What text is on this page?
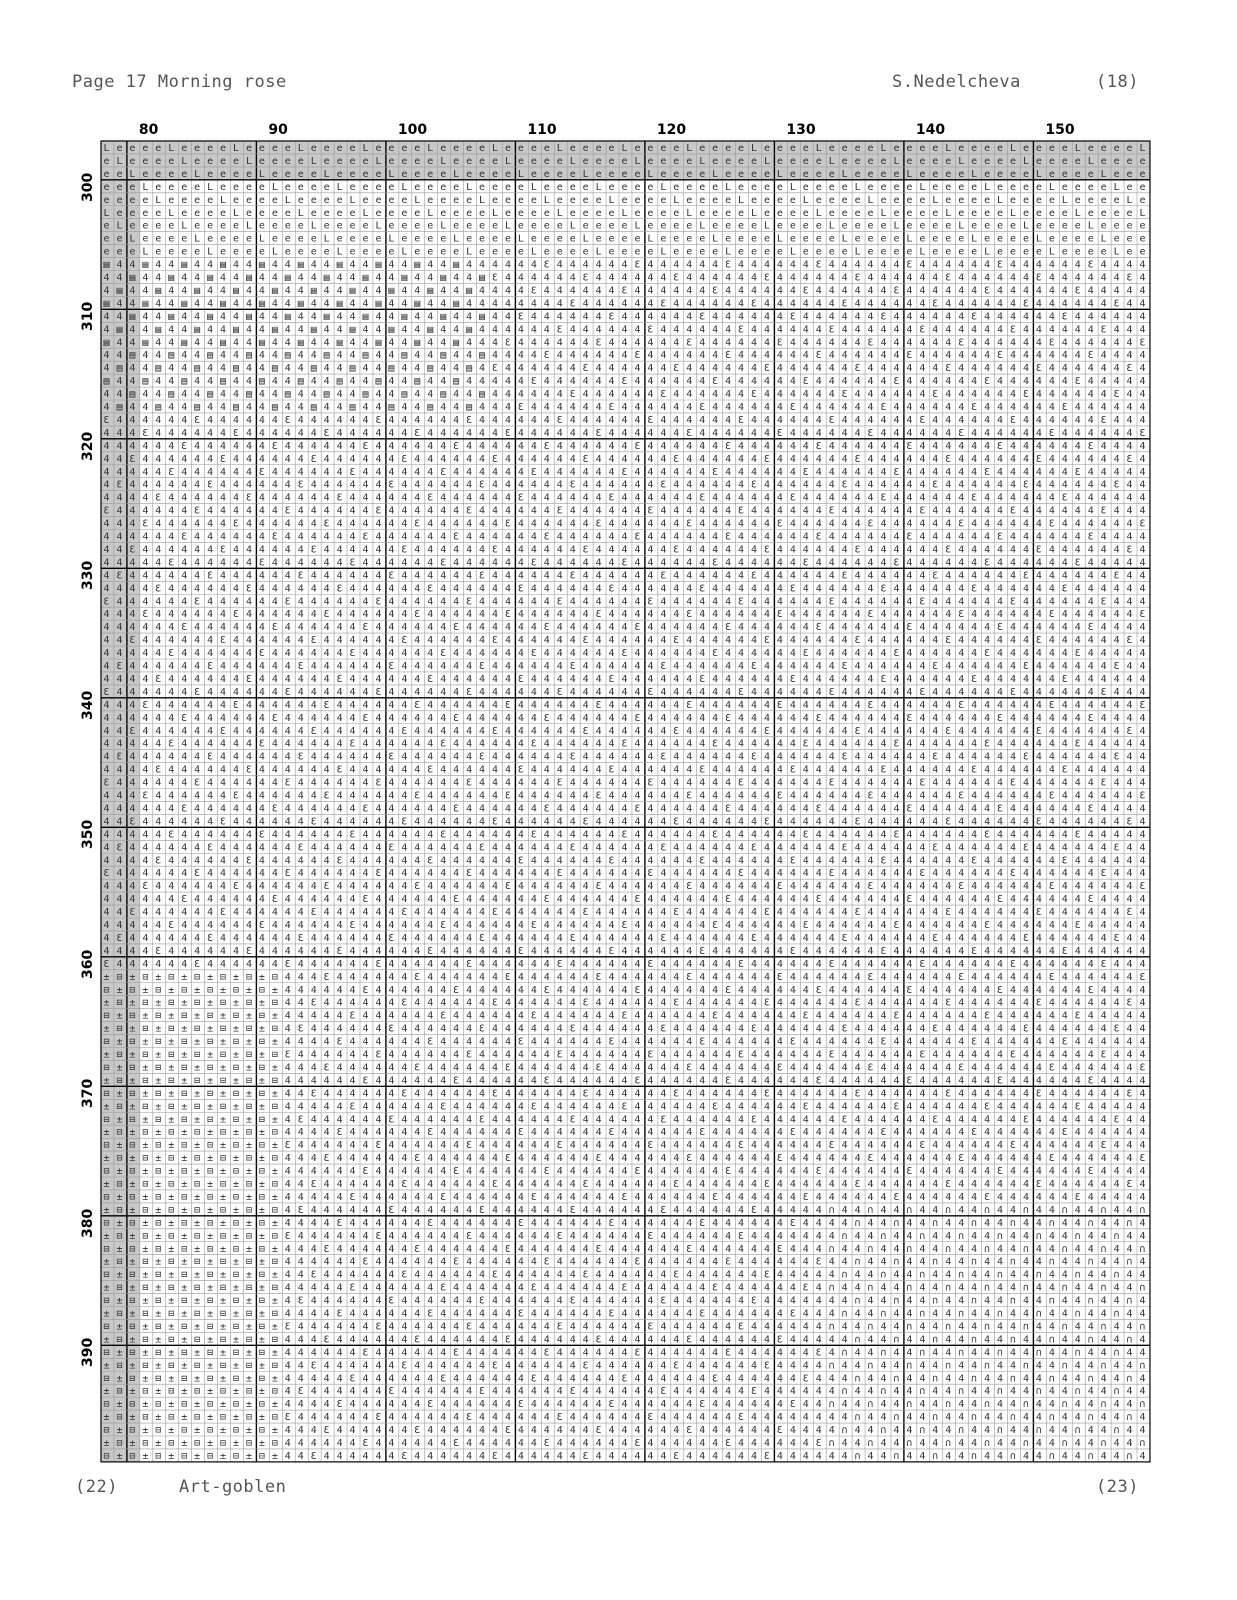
Page 17 Morning rose	S.Nedelcheva	(18)
80	90	100	110	120	130	140	150
300
310
320
330
340
350
360
370
380
390
L e e e e L e e e e L e e e e L e e e e L e e e e L e e e e L e e e e L e e e e L e e e e L e e e e L e e e e L e e e e L e e e e L e e e e L e e e e L e e e e L
e L e e e e L e e e e L e e e e L e e e e L e e e e L e e e e L e e e e L e e e e L e e e e L e e e e L e e e e L e e e e L e e e e L e e e e L e e e e L e e e e
e e L e e e e L e e e e L e e e e L e e e e L e e e e L e e e e L e e e e L e e e e L e e e e L e e e e L e e e e L e e e e L e e e e L e e e e L e e e e L e e e
e e e L e e e e L e e e e L e e e e L e e e e L e e e e L e e e e L e e e e L e e e e L e e e e L e e e e L e e e e L e e e e L e e e e L e e e e L e e e e L e e
e e e e L e e e e L e e e e L e e e e L e e e e L e e e e L e e e e L e e e e L e e e e L e e e e L e e e e L e e e e L e e e e L e e e e L e e e e L e e e e L e
L e e e e L e e e e L e e e e L e e e e L e e e e L e e e e L e e e e L e e e e L e e e e L e e e e L e e e e L e e e e L e e e e L e e e e L e e e e L e e e e L
e L e e e e L e e e e L e e e e L e e e e L e e e e L e e e e L e e e e L e e e e L e e e e L e e e e L e e e e L e e e e L e e e e L e e e e L e e e e L e e e e
e e L e e e e L e e e e L e e e e L e e e e L e e e e L e e e e L e e e e L e e e e L e e e e L e e e e L e e e e L e e e e L e e e e L e e e e L e e e e L e e e
e e e L e e e e L e e e e L e e e e L e e e e L e e e e L e e e e L e e e e L e e e e L e e e e L e e e e L e e e e L e e e e L e e e e L e e e e L e e e e L e e
▤ 4 4 ▤ 4 4 ▤ 4 4 ▤ 4 4 ▤ 4 4 ▤ 4 4 ▤ 4 4 ▤ 4 4 ▤ 4 4 ▤ 4 4 4 4 4 4 Ɛ 4 4 4 4 4 4 Ɛ 4 4 4 4 4 4 Ɛ 4 4 4 4 4 4 Ɛ 4 4 4 4 4 4 Ɛ 4 4 4 4 4 4 Ɛ 4 4 4 4 4 4 Ɛ 4 4 4 4
4 4 ▤ 4 4 ▤ 4 4 ▤ 4 4 ▤ 4 4 ▤ 4 4 ▤ 4 4 ▤ 4 4 ▤ 4 4 ▤ 4 4 ▤ Ɛ 4 4 4 4 4 4 Ɛ 4 4 4 4 4 4 Ɛ 4 4 4 4 4 4 Ɛ 4 4 4 4 4 4 Ɛ 4 4 4 4 4 4 Ɛ 4 4 4 4 4 4 Ɛ 4 4 4 4 4 4 Ɛ 4
4 ▤ 4 4 ▤ 4 4 ▤ 4 4 ▤ 4 4 ▤ 4 4 ▤ 4 4 ▤ 4 4 ▤ 4 4 ▤ 4 4 ▤ 4 4 4 4 Ɛ 4 4 4 4 4 4 Ɛ 4 4 4 4 4 4 Ɛ 4 4 4 4 4 4 Ɛ 4 4 4 4 4 4 Ɛ 4 4 4 4 4 4 Ɛ 4 4 4 4 4 4 Ɛ 4 4 4 4 4
▤ 4 4 ▤ 4 4 ▤ 4 4 ▤ 4 4 ▤ 4 4 ▤ 4 4 ▤ 4 4 ▤ 4 4 ▤ 4 4 ▤ 4 4 4 4 4 4 4 4 Ɛ 4 4 4 4 4 4 Ɛ 4 4 4 4 4 4 Ɛ 4 4 4 4 4 4 Ɛ 4 4 4 4 4 4 Ɛ 4 4 4 4 4 4 Ɛ 4 4 4 4 4 4 Ɛ 4 4
4 4 ▤ 4 4 ▤ 4 4 ▤ 4 4 ▤ 4 4 ▤ 4 4 ▤ 4 4 ▤ 4 4 ▤ 4 4 ▤ 4 4 ▤ 4 4 Ɛ 4 4 4 4 4 4 Ɛ 4 4 4 4 4 4 Ɛ 4 4 4 4 4 4 Ɛ 4 4 4 4 4 4 Ɛ 4 4 4 4 4 4 Ɛ 4 4 4 4 4 4 Ɛ 4 4 4 4 4 4
4 ▤ 4 4 ▤ 4 4 ▤ 4 4 ▤ 4 4 ▤ 4 4 ▤ 4 4 ▤ 4 4 ▤ 4 4 ▤ 4 4 ▤ 4 4 4 4 4 4 Ɛ 4 4 4 4 4 4 Ɛ 4 4 4 4 4 4 Ɛ 4 4 4 4 4 4 Ɛ 4 4 4 4 4 4 Ɛ 4 4 4 4 4 4 Ɛ 4 4 4 4 4 4 Ɛ 4 4 4
▤ 4 4 ▤ 4 4 ▤ 4 4 ▤ 4 4 ▤ 4 4 ▤ 4 4 ▤ 4 4 ▤ 4 4 ▤ 4 4 ▤ 4 4 4 Ɛ 4 4 4 4 4 4 Ɛ 4 4 4 4 4 4 Ɛ 4 4 4 4 4 4 Ɛ 4 4 4 4 4 4 Ɛ 4 4 4 4 4 4 Ɛ 4 4 4 4 4 4 Ɛ 4 4 4 4 4 4 Ɛ
4 4 ▤ 4 4 ▤ 4 4 ▤ 4 4 ▤ 4 4 ▤ 4 4 ▤ 4 4 ▤ 4 4 ▤ 4 4 ▤ 4 4 ▤ 4 4 4 4 Ɛ 4 4 4 4 4 4 Ɛ 4 4 4 4 4 4 Ɛ 4 4 4 4 4 4 Ɛ 4 4 4 4 4 4 Ɛ 4 4 4 4 4 4 Ɛ 4 4 4 4 4 4 Ɛ 4 4 4 4
4 ▤ 4 4 ▤ 4 4 ▤ 4 4 ▤ 4 4 ▤ 4 4 ▤ 4 4 ▤ 4 4 ▤ 4 4 ▤ 4 4 ▤ 4 Ɛ 4 4 4 4 4 4 Ɛ 4 4 4 4 4 4 Ɛ 4 4 4 4 4 4 Ɛ 4 4 4 4 4 4 Ɛ 4 4 4 4 4 4 Ɛ 4 4 4 4 4 4 Ɛ 4 4 4 4 4 4 Ɛ 4
▤ 4 4 ▤ 4 4 ▤ 4 4 ▤ 4 4 ▤ 4 4 ▤ 4 4 ▤ 4 4 ▤ 4 4 ▤ 4 4 ▤ 4 4 4 4 4 Ɛ 4 4 4 4 4 4 Ɛ 4 4 4 4 4 4 Ɛ 4 4 4 4 4 4 Ɛ 4 4 4 4 4 4 Ɛ 4 4 4 4 4 4 Ɛ 4 4 4 4 4 4 Ɛ 4 4 4 4 4
4 4 ▤ 4 4 ▤ 4 4 ▤ 4 4 ▤ 4 4 ▤ 4 4 ▤ 4 4 ▤ 4 4 ▤ 4 4 ▤ 4 4 ▤ 4 4 4 4 4 4 Ɛ 4 4 4 4 4 4 Ɛ 4 4 4 4 4 4 Ɛ 4 4 4 4 4 4 Ɛ 4 4 4 4 4 4 Ɛ 4 4 4 4 4 4 Ɛ 4 4 4 4 4 4 Ɛ 4 4
4 ▤ 4 4 ▤ 4 4 ▤ 4 4 ▤ 4 4 ▤ 4 4 ▤ 4 4 ▤ 4 4 ▤ 4 4 ▤ 4 4 ▤ 4 4 4 Ɛ 4 4 4 4 4 4 Ɛ 4 4 4 4 4 4 Ɛ 4 4 4 4 4 4 Ɛ 4 4 4 4 4 4 Ɛ 4 4 4 4 4 4 Ɛ 4 4 4 4 4 4 Ɛ 4 4 4 4 4 4
Ɛ 4 4 4 4 4 4 Ɛ 4 4 4 4 4 4 Ɛ 4 4 4 4 4 4 Ɛ 4 4 4 4 4 4 Ɛ 4 4 4 4 4 4 Ɛ 4 4 4 4 4 4 Ɛ 4 4 4 4 4 4 Ɛ 4 4 4 4 4 4 Ɛ 4 4 4 4 4 4 Ɛ 4 4 4 4 4 4 Ɛ 4 4 4 4 4 4 Ɛ 4 4 4
4 4 4 Ɛ 4 4 4 4 4 4 Ɛ 4 4 4 4 4 4 Ɛ 4 4 4 4 4 4 Ɛ 4 4 4 4 4 4 Ɛ 4 4 4 4 4 4 Ɛ 4 4 4 4 4 4 Ɛ 4 4 4 4 4 4 Ɛ 4 4 4 4 4 4 Ɛ 4 4 4 4 4 4 Ɛ 4 4 4 4 4 4 Ɛ 4 4 4 4 4 4 Ɛ
4 4 4 4 4 4 Ɛ 4 4 4 4 4 4 Ɛ 4 4 4 4 4 4 Ɛ 4 4 4 4 4 4 Ɛ 4 4 4 4 4 4 Ɛ 4 4 4 4 4 4 Ɛ 4 4 4 4 4 4 Ɛ 4 4 4 4 4 4 Ɛ 4 4 4 4 4 4 Ɛ 4 4 4 4 4 4 Ɛ 4 4 4 4 4 4 Ɛ 4 4 4 4
4 4 Ɛ 4 4 4 4 4 4 Ɛ 4 4 4 4 4 4 Ɛ 4 4 4 4 4 4 Ɛ 4 4 4 4 4 4 Ɛ 4 4 4 4 4 4 Ɛ 4 4 4 4 4 4 Ɛ 4 4 4 4 4 4 Ɛ 4 4 4 4 4 4 Ɛ 4 4 4 4 4 4 Ɛ 4 4 4 4 4 4 Ɛ 4 4 4 4 4 4 Ɛ 4
4 4 4 4 4 Ɛ 4 4 4 4 4 4 Ɛ 4 4 4 4 4 4 Ɛ 4 4 4 4 4 4 Ɛ 4 4 4 4 4 4 Ɛ 4 4 4 4 4 4 Ɛ 4 4 4 4 4 4 Ɛ 4 4 4 4 4 4 Ɛ 4 4 4 4 4 4 Ɛ 4 4 4 4 4 4 Ɛ 4 4 4 4 4 4 Ɛ 4 4 4 4 4
4 Ɛ 4 4 4 4 4 4 Ɛ 4 4 4 4 4 4 Ɛ 4 4 4 4 4 4 Ɛ 4 4 4 4 4 4 Ɛ 4 4 4 4 4 4 Ɛ 4 4 4 4 4 4 Ɛ 4 4 4 4 4 4 Ɛ 4 4 4 4 4 4 Ɛ 4 4 4 4 4 4 Ɛ 4 4 4 4 4 4 Ɛ 4 4 4 4 4 4 Ɛ 4 4
4 4 4 4 Ɛ 4 4 4 4 4 4 Ɛ 4 4 4 4 4 4 Ɛ 4 4 4 4 4 4 Ɛ 4 4 4 4 4 4 Ɛ 4 4 4 4 4 4 Ɛ 4 4 4 4 4 4 Ɛ 4 4 4 4 4 4 Ɛ 4 4 4 4 4 4 Ɛ 4 4 4 4 4 4 Ɛ 4 4 4 4 4 4 Ɛ 4 4 4 4 4 4
Ɛ 4 4 4 4 4 4 Ɛ 4 4 4 4 4 4 Ɛ 4 4 4 4 4 4 Ɛ 4 4 4 4 4 4 Ɛ 4 4 4 4 4 4 Ɛ 4 4 4 4 4 4 Ɛ 4 4 4 4 4 4 Ɛ 4 4 4 4 4 4 Ɛ 4 4 4 4 4 4 Ɛ 4 4 4 4 4 4 Ɛ 4 4 4 4 4 4 Ɛ 4 4 4
4 4 4 Ɛ 4 4 4 4 4 4 Ɛ 4 4 4 4 4 4 Ɛ 4 4 4 4 4 4 Ɛ 4 4 4 4 4 4 Ɛ 4 4 4 4 4 4 Ɛ 4 4 4 4 4 4 Ɛ 4 4 4 4 4 4 Ɛ 4 4 4 4 4 4 Ɛ 4 4 4 4 4 4 Ɛ 4 4 4 4 4 4 Ɛ 4 4 4 4 4 4 Ɛ
4 4 4 4 4 4 Ɛ 4 4 4 4 4 4 Ɛ 4 4 4 4 4 4 Ɛ 4 4 4 4 4 4 Ɛ 4 4 4 4 4 4 Ɛ 4 4 4 4 4 4 Ɛ 4 4 4 4 4 4 Ɛ 4 4 4 4 4 4 Ɛ 4 4 4 4 4 4 Ɛ 4 4 4 4 4 4 Ɛ 4 4 4 4 4 4 Ɛ 4 4 4 4
4 4 Ɛ 4 4 4 4 4 4 Ɛ 4 4 4 4 4 4 Ɛ 4 4 4 4 4 4 Ɛ 4 4 4 4 4 4 Ɛ 4 4 4 4 4 4 Ɛ 4 4 4 4 4 4 Ɛ 4 4 4 4 4 4 Ɛ 4 4 4 4 4 4 Ɛ 4 4 4 4 4 4 Ɛ 4 4 4 4 4 4 Ɛ 4 4 4 4 4 4 Ɛ 4
4 4 4 4 4 Ɛ 4 4 4 4 4 4 Ɛ 4 4 4 4 4 4 Ɛ 4 4 4 4 4 4 Ɛ 4 4 4 4 4 4 Ɛ 4 4 4 4 4 4 Ɛ 4 4 4 4 4 4 Ɛ 4 4 4 4 4 4 Ɛ 4 4 4 4 4 4 Ɛ 4 4 4 4 4 4 Ɛ 4 4 4 4 4 4 Ɛ 4 4 4 4 4
4 Ɛ 4 4 4 4 4 4 Ɛ 4 4 4 4 4 4 Ɛ 4 4 4 4 4 4 Ɛ 4 4 4 4 4 4 Ɛ 4 4 4 4 4 4 Ɛ 4 4 4 4 4 4 Ɛ 4 4 4 4 4 4 Ɛ 4 4 4 4 4 4 Ɛ 4 4 4 4 4 4 Ɛ 4 4 4 4 4 4 Ɛ 4 4 4 4 4 4 Ɛ 4 4
4 4 4 4 Ɛ 4 4 4 4 4 4 Ɛ 4 4 4 4 4 4 Ɛ 4 4 4 4 4 4 Ɛ 4 4 4 4 4 4 Ɛ 4 4 4 4 4 4 Ɛ 4 4 4 4 4 4 Ɛ 4 4 4 4 4 4 Ɛ 4 4 4 4 4 4 Ɛ 4 4 4 4 4 4 Ɛ 4 4 4 4 4 4 Ɛ 4 4 4 4 4 4
Ɛ 4 4 4 4 4 4 Ɛ 4 4 4 4 4 4 Ɛ 4 4 4 4 4 4 Ɛ 4 4 4 4 4 4 Ɛ 4 4 4 4 4 4 Ɛ 4 4 4 4 4 4 Ɛ 4 4 4 4 4 4 Ɛ 4 4 4 4 4 4 Ɛ 4 4 4 4 4 4 Ɛ 4 4 4 4 4 4 Ɛ 4 4 4 4 4 4 Ɛ 4 4 4
4 4 4 Ɛ 4 4 4 4 4 4 Ɛ 4 4 4 4 4 4 Ɛ 4 4 4 4 4 4 Ɛ 4 4 4 4 4 4 Ɛ 4 4 4 4 4 4 Ɛ 4 4 4 4 4 4 Ɛ 4 4 4 4 4 4 Ɛ 4 4 4 4 4 4 Ɛ 4 4 4 4 4 4 Ɛ 4 4 4 4 4 4 Ɛ 4 4 4 4 4 4 Ɛ
4 4 4 4 4 4 Ɛ 4 4 4 4 4 4 Ɛ 4 4 4 4 4 4 Ɛ 4 4 4 4 4 4 Ɛ 4 4 4 4 4 4 Ɛ 4 4 4 4 4 4 Ɛ 4 4 4 4 4 4 Ɛ 4 4 4 4 4 4 Ɛ 4 4 4 4 4 4 Ɛ 4 4 4 4 4 4 Ɛ 4 4 4 4 4 4 Ɛ 4 4 4 4
4 4 Ɛ 4 4 4 4 4 4 Ɛ 4 4 4 4 4 4 Ɛ 4 4 4 4 4 4 Ɛ 4 4 4 4 4 4 Ɛ 4 4 4 4 4 4 Ɛ 4 4 4 4 4 4 Ɛ 4 4 4 4 4 4 Ɛ 4 4 4 4 4 4 Ɛ 4 4 4 4 4 4 Ɛ 4 4 4 4 4 4 Ɛ 4 4 4 4 4 4 Ɛ 4
4 4 4 4 4 Ɛ 4 4 4 4 4 4 Ɛ 4 4 4 4 4 4 Ɛ 4 4 4 4 4 4 Ɛ 4 4 4 4 4 4 Ɛ 4 4 4 4 4 4 Ɛ 4 4 4 4 4 4 Ɛ 4 4 4 4 4 4 Ɛ 4 4 4 4 4 4 Ɛ 4 4 4 4 4 4 Ɛ 4 4 4 4 4 4 Ɛ 4 4 4 4 4
4 Ɛ 4 4 4 4 4 4 Ɛ 4 4 4 4 4 4 Ɛ 4 4 4 4 4 4 Ɛ 4 4 4 4 4 4 Ɛ 4 4 4 4 4 4 Ɛ 4 4 4 4 4 4 Ɛ 4 4 4 4 4 4 Ɛ 4 4 4 4 4 4 Ɛ 4 4 4 4 4 4 Ɛ 4 4 4 4 4 4 Ɛ 4 4 4 4 4 4 Ɛ 4 4
4 4 4 4 Ɛ 4 4 4 4 4 4 Ɛ 4 4 4 4 4 4 Ɛ 4 4 4 4 4 4 Ɛ 4 4 4 4 4 4 Ɛ 4 4 4 4 4 4 Ɛ 4 4 4 4 4 4 Ɛ 4 4 4 4 4 4 Ɛ 4 4 4 4 4 4 Ɛ 4 4 4 4 4 4 Ɛ 4 4 4 4 4 4 Ɛ 4 4 4 4 4 4
Ɛ 4 4 4 4 4 4 Ɛ 4 4 4 4 4 4 Ɛ 4 4 4 4 4 4 Ɛ 4 4 4 4 4 4 Ɛ 4 4 4 4 4 4 Ɛ 4 4 4 4 4 4 Ɛ 4 4 4 4 4 4 Ɛ 4 4 4 4 4 4 Ɛ 4 4 4 4 4 4 Ɛ 4 4 4 4 4 4 Ɛ 4 4 4 4 4 4 Ɛ 4 4 4
4 4 4 Ɛ 4 4 4 4 4 4 Ɛ 4 4 4 4 4 4 Ɛ 4 4 4 4 4 4 Ɛ 4 4 4 4 4 4 Ɛ 4 4 4 4 4 4 Ɛ 4 4 4 4 4 4 Ɛ 4 4 4 4 4 4 Ɛ 4 4 4 4 4 4 Ɛ 4 4 4 4 4 4 Ɛ 4 4 4 4 4 4 Ɛ 4 4 4 4 4 4 Ɛ
4 4 4 4 4 4 Ɛ 4 4 4 4 4 4 Ɛ 4 4 4 4 4 4 Ɛ 4 4 4 4 4 4 Ɛ 4 4 4 4 4 4 Ɛ 4 4 4 4 4 4 Ɛ 4 4 4 4 4 4 Ɛ 4 4 4 4 4 4 Ɛ 4 4 4 4 4 4 Ɛ 4 4 4 4 4 4 Ɛ 4 4 4 4 4 4 Ɛ 4 4 4 4
4 4 Ɛ 4 4 4 4 4 4 Ɛ 4 4 4 4 4 4 Ɛ 4 4 4 4 4 4 Ɛ 4 4 4 4 4 4 Ɛ 4 4 4 4 4 4 Ɛ 4 4 4 4 4 4 Ɛ 4 4 4 4 4 4 Ɛ 4 4 4 4 4 4 Ɛ 4 4 4 4 4 4 Ɛ 4 4 4 4 4 4 Ɛ 4 4 4 4 4 4 Ɛ 4
4 4 4 4 4 Ɛ 4 4 4 4 4 4 Ɛ 4 4 4 4 4 4 Ɛ 4 4 4 4 4 4 Ɛ 4 4 4 4 4 4 Ɛ 4 4 4 4 4 4 Ɛ 4 4 4 4 4 4 Ɛ 4 4 4 4 4 4 Ɛ 4 4 4 4 4 4 Ɛ 4 4 4 4 4 4 Ɛ 4 4 4 4 4 4 Ɛ 4 4 4 4 4
4 Ɛ 4 4 4 4 4 4 Ɛ 4 4 4 4 4 4 Ɛ 4 4 4 4 4 4 Ɛ 4 4 4 4 4 4 Ɛ 4 4 4 4 4 4 Ɛ 4 4 4 4 4 4 Ɛ 4 4 4 4 4 4 Ɛ 4 4 4 4 4 4 Ɛ 4 4 4 4 4 4 Ɛ 4 4 4 4 4 4 Ɛ 4 4 4 4 4 4 Ɛ 4 4
4 4 4 4 Ɛ 4 4 4 4 4 4 Ɛ 4 4 4 4 4 4 Ɛ 4 4 4 4 4 4 Ɛ 4 4 4 4 4 4 Ɛ 4 4 4 4 4 4 Ɛ 4 4 4 4 4 4 Ɛ 4 4 4 4 4 4 Ɛ 4 4 4 4 4 4 Ɛ 4 4 4 4 4 4 Ɛ 4 4 4 4 4 4 Ɛ 4 4 4 4 4 4
Ɛ 4 4 4 4 4 4 Ɛ 4 4 4 4 4 4 Ɛ 4 4 4 4 4 4 Ɛ 4 4 4 4 4 4 Ɛ 4 4 4 4 4 4 Ɛ 4 4 4 4 4 4 Ɛ 4 4 4 4 4 4 Ɛ 4 4 4 4 4 4 Ɛ 4 4 4 4 4 4 Ɛ 4 4 4 4 4 4 Ɛ 4 4 4 4 4 4 Ɛ 4 4 4
4 4 4 Ɛ 4 4 4 4 4 4 Ɛ 4 4 4 4 4 4 Ɛ 4 4 4 4 4 4 Ɛ 4 4 4 4 4 4 Ɛ 4 4 4 4 4 4 Ɛ 4 4 4 4 4 4 Ɛ 4 4 4 4 4 4 Ɛ 4 4 4 4 4 4 Ɛ 4 4 4 4 4 4 Ɛ 4 4 4 4 4 4 Ɛ 4 4 4 4 4 4 Ɛ
4 4 4 4 4 4 Ɛ 4 4 4 4 4 4 Ɛ 4 4 4 4 4 4 Ɛ 4 4 4 4 4 4 Ɛ 4 4 4 4 4 4 Ɛ 4 4 4 4 4 4 Ɛ 4 4 4 4 4 4 Ɛ 4 4 4 4 4 4 Ɛ 4 4 4 4 4 4 Ɛ 4 4 4 4 4 4 Ɛ 4 4 4 4 4 4 Ɛ 4 4 4 4
4 4 Ɛ 4 4 4 4 4 4 Ɛ 4 4 4 4 4 4 Ɛ 4 4 4 4 4 4 Ɛ 4 4 4 4 4 4 Ɛ 4 4 4 4 4 4 Ɛ 4 4 4 4 4 4 Ɛ 4 4 4 4 4 4 Ɛ 4 4 4 4 4 4 Ɛ 4 4 4 4 4 4 Ɛ 4 4 4 4 4 4 Ɛ 4 4 4 4 4 4 Ɛ 4
4 4 4 4 4 Ɛ 4 4 4 4 4 4 Ɛ 4 4 4 4 4 4 Ɛ 4 4 4 4 4 4 Ɛ 4 4 4 4 4 4 Ɛ 4 4 4 4 4 4 Ɛ 4 4 4 4 4 4 Ɛ 4 4 4 4 4 4 Ɛ 4 4 4 4 4 4 Ɛ 4 4 4 4 4 4 Ɛ 4 4 4 4 4 4 Ɛ 4 4 4 4 4
4 Ɛ 4 4 4 4 4 4 Ɛ 4 4 4 4 4 4 Ɛ 4 4 4 4 4 4 Ɛ 4 4 4 4 4 4 Ɛ 4 4 4 4 4 4 Ɛ 4 4 4 4 4 4 Ɛ 4 4 4 4 4 4 Ɛ 4 4 4 4 4 4 Ɛ 4 4 4 4 4 4 Ɛ 4 4 4 4 4 4 Ɛ 4 4 4 4 4 4 Ɛ 4 4
4 4 4 4 Ɛ 4 4 4 4 4 4 Ɛ 4 4 4 4 4 4 Ɛ 4 4 4 4 4 4 Ɛ 4 4 4 4 4 4 Ɛ 4 4 4 4 4 4 Ɛ 4 4 4 4 4 4 Ɛ 4 4 4 4 4 4 Ɛ 4 4 4 4 4 4 Ɛ 4 4 4 4 4 4 Ɛ 4 4 4 4 4 4 Ɛ 4 4 4 4 4 4
Ɛ 4 4 4 4 4 4 Ɛ 4 4 4 4 4 4 Ɛ 4 4 4 4 4 4 Ɛ 4 4 4 4 4 4 Ɛ 4 4 4 4 4 4 Ɛ 4 4 4 4 4 4 Ɛ 4 4 4 4 4 4 Ɛ 4 4 4 4 4 4 Ɛ 4 4 4 4 4 4 Ɛ 4 4 4 4 4 4 Ɛ 4 4 4 4 4 4 Ɛ 4 4 4
4 4 4 Ɛ 4 4 4 4 4 4 Ɛ 4 4 4 4 4 4 Ɛ 4 4 4 4 4 4 Ɛ 4 4 4 4 4 4 Ɛ 4 4 4 4 4 4 Ɛ 4 4 4 4 4 4 Ɛ 4 4 4 4 4 4 Ɛ 4 4 4 4 4 4 Ɛ 4 4 4 4 4 4 Ɛ 4 4 4 4 4 4 Ɛ 4 4 4 4 4 4 Ɛ
4 4 4 4 4 4 Ɛ 4 4 4 4 4 4 Ɛ 4 4 4 4 4 4 Ɛ 4 4 4 4 4 4 Ɛ 4 4 4 4 4 4 Ɛ 4 4 4 4 4 4 Ɛ 4 4 4 4 4 4 Ɛ 4 4 4 4 4 4 Ɛ 4 4 4 4 4 4 Ɛ 4 4 4 4 4 4 Ɛ 4 4 4 4 4 4 Ɛ 4 4 4 4
4 4 Ɛ 4 4 4 4 4 4 Ɛ 4 4 4 4 4 4 Ɛ 4 4 4 4 4 4 Ɛ 4 4 4 4 4 4 Ɛ 4 4 4 4 4 4 Ɛ 4 4 4 4 4 4 Ɛ 4 4 4 4 4 4 Ɛ 4 4 4 4 4 4 Ɛ 4 4 4 4 4 4 Ɛ 4 4 4 4 4 4 Ɛ 4 4 4 4 4 4 Ɛ 4
4 4 4 4 4 Ɛ 4 4 4 4 4 4 Ɛ 4 4 4 4 4 4 Ɛ 4 4 4 4 4 4 Ɛ 4 4 4 4 4 4 Ɛ 4 4 4 4 4 4 Ɛ 4 4 4 4 4 4 Ɛ 4 4 4 4 4 4 Ɛ 4 4 4 4 4 4 Ɛ 4 4 4 4 4 4 Ɛ 4 4 4 4 4 4 Ɛ 4 4 4 4 4
4 Ɛ 4 4 4 4 4 4 Ɛ 4 4 4 4 4 4 Ɛ 4 4 4 4 4 4 Ɛ 4 4 4 4 4 4 Ɛ 4 4 4 4 4 4 Ɛ 4 4 4 4 4 4 Ɛ 4 4 4 4 4 4 Ɛ 4 4 4 4 4 4 Ɛ 4 4 4 4 4 4 Ɛ 4 4 4 4 4 4 Ɛ 4 4 4 4 4 4 Ɛ 4 4
4 4 4 4 Ɛ 4 4 4 4 4 4 Ɛ 4 4 4 4 4 4 Ɛ 4 4 4 4 4 4 Ɛ 4 4 4 4 4 4 Ɛ 4 4 4 4 4 4 Ɛ 4 4 4 4 4 4 Ɛ 4 4 4 4 4 4 Ɛ 4 4 4 4 4 4 Ɛ 4 4 4 4 4 4 Ɛ 4 4 4 4 4 4 Ɛ 4 4 4 4 4 4
Ɛ 4 4 4 4 4 4 Ɛ 4 4 4 4 4 4 Ɛ 4 4 4 4 4 4 Ɛ 4 4 4 4 4 4 Ɛ 4 4 4 4 4 4 Ɛ 4 4 4 4 4 4 Ɛ 4 4 4 4 4 4 Ɛ 4 4 4 4 4 4 Ɛ 4 4 4 4 4 4 Ɛ 4 4 4 4 4 4 Ɛ 4 4 4 4 4 4 Ɛ 4 4 4
± ⊟ ± ⊟ ± ⊟ ± ⊟ ± ⊟ ± ⊟ ± ⊟ 4 4 4 Ɛ 4 4 4 4 4 4 Ɛ 4 4 4 4 4 4 Ɛ 4 4 4 4 4 4 Ɛ 4 4 4 4 4 4 Ɛ 4 4 4 4 4 4 Ɛ 4 4 4 4 4 4 Ɛ 4 4 4 4 4 4 Ɛ 4 4 4 4 4 4 Ɛ 4 4 4 4 4 4 Ɛ
⊟ ± ⊟ ± ⊟ ± ⊟ ± ⊟ ± ⊟ ± ⊟ ± 4 4 4 4 4 4 Ɛ 4 4 4 4 4 4 Ɛ 4 4 4 4 4 4 Ɛ 4 4 4 4 4 4 Ɛ 4 4 4 4 4 4 Ɛ 4 4 4 4 4 4 Ɛ 4 4 4 4 4 4 Ɛ 4 4 4 4 4 4 Ɛ 4 4 4 4 4 4 Ɛ 4 4 4 4
± ⊟ ± ⊟ ± ⊟ ± ⊟ ± ⊟ ± ⊟ ± ⊟ 4 4 Ɛ 4 4 4 4 4 4 Ɛ 4 4 4 4 4 4 Ɛ 4 4 4 4 4 4 Ɛ 4 4 4 4 4 4 Ɛ 4 4 4 4 4 4 Ɛ 4 4 4 4 4 4 Ɛ 4 4 4 4 4 4 Ɛ 4 4 4 4 4 4 Ɛ 4 4 4 4 4 4 Ɛ 4
⊟ ± ⊟ ± ⊟ ± ⊟ ± ⊟ ± ⊟ ± ⊟ ± 4 4 4 4 4 Ɛ 4 4 4 4 4 4 Ɛ 4 4 4 4 4 4 Ɛ 4 4 4 4 4 4 Ɛ 4 4 4 4 4 4 Ɛ 4 4 4 4 4 4 Ɛ 4 4 4 4 4 4 Ɛ 4 4 4 4 4 4 Ɛ 4 4 4 4 4 4 Ɛ 4 4 4 4 4
± ⊟ ± ⊟ ± ⊟ ± ⊟ ± ⊟ ± ⊟ ± ⊟ 4 Ɛ 4 4 4 4 4 4 Ɛ 4 4 4 4 4 4 Ɛ 4 4 4 4 4 4 Ɛ 4 4 4 4 4 4 Ɛ 4 4 4 4 4 4 Ɛ 4 4 4 4 4 4 Ɛ 4 4 4 4 4 4 Ɛ 4 4 4 4 4 4 Ɛ 4 4 4 4 4 4 Ɛ 4 4
⊟ ± ⊟ ± ⊟ ± ⊟ ± ⊟ ± ⊟ ± ⊟ ± 4 4 4 4 Ɛ 4 4 4 4 4 4 Ɛ 4 4 4 4 4 4 Ɛ 4 4 4 4 4 4 Ɛ 4 4 4 4 4 4 Ɛ 4 4 4 4 4 4 Ɛ 4 4 4 4 4 4 Ɛ 4 4 4 4 4 4 Ɛ 4 4 4 4 4 4 Ɛ 4 4 4 4 4 4
± ⊟ ± ⊟ ± ⊟ ± ⊟ ± ⊟ ± ⊟ ± ⊟ Ɛ 4 4 4 4 4 4 Ɛ 4 4 4 4 4 4 Ɛ 4 4 4 4 4 4 Ɛ 4 4 4 4 4 4 Ɛ 4 4 4 4 4 4 Ɛ 4 4 4 4 4 4 Ɛ 4 4 4 4 4 4 Ɛ 4 4 4 4 4 4 Ɛ 4 4 4 4 4 4 Ɛ 4 4 4
⊟ ± ⊟ ± ⊟ ± ⊟ ± ⊟ ± ⊟ ± ⊟ ± 4 4 4 Ɛ 4 4 4 4 4 4 Ɛ 4 4 4 4 4 4 Ɛ 4 4 4 4 4 4 Ɛ 4 4 4 4 4 4 Ɛ 4 4 4 4 4 4 Ɛ 4 4 4 4 4 4 Ɛ 4 4 4 4 4 4 Ɛ 4 4 4 4 4 4 Ɛ 4 4 4 4 4 4 Ɛ
± ⊟ ± ⊟ ± ⊟ ± ⊟ ± ⊟ ± ⊟ ± ⊟ 4 4 4 4 4 4 Ɛ 4 4 4 4 4 4 Ɛ 4 4 4 4 4 4 Ɛ 4 4 4 4 4 4 Ɛ 4 4 4 4 4 4 Ɛ 4 4 4 4 4 4 Ɛ 4 4 4 4 4 4 Ɛ 4 4 4 4 4 4 Ɛ 4 4 4 4 4 4 Ɛ 4 4 4 4
⊟ ± ⊟ ± ⊟ ± ⊟ ± ⊟ ± ⊟ ± ⊟ ± 4 4 Ɛ 4 4 4 4 4 4 Ɛ 4 4 4 4 4 4 Ɛ 4 4 4 4 4 4 Ɛ 4 4 4 4 4 4 Ɛ 4 4 4 4 4 4 Ɛ 4 4 4 4 4 4 Ɛ 4 4 4 4 4 4 Ɛ 4 4 4 4 4 4 Ɛ 4 4 4 4 4 4 Ɛ 4
± ⊟ ± ⊟ ± ⊟ ± ⊟ ± ⊟ ± ⊟ ± ⊟ 4 4 4 4 4 Ɛ 4 4 4 4 4 4 Ɛ 4 4 4 4 4 4 Ɛ 4 4 4 4 4 4 Ɛ 4 4 4 4 4 4 Ɛ 4 4 4 4 4 4 Ɛ 4 4 4 4 4 4 Ɛ 4 4 4 4 4 4 Ɛ 4 4 4 4 4 4 Ɛ 4 4 4 4 4
⊟ ± ⊟ ± ⊟ ± ⊟ ± ⊟ ± ⊟ ± ⊟ ± 4 Ɛ 4 4 4 4 4 4 Ɛ 4 4 4 4 4 4 Ɛ 4 4 4 4 4 4 Ɛ 4 4 4 4 4 4 Ɛ 4 4 4 4 4 4 Ɛ 4 4 4 4 4 4 Ɛ 4 4 4 4 4 4 Ɛ 4 4 4 4 4 4 Ɛ 4 4 4 4 4 4 Ɛ 4 4
± ⊟ ± ⊟ ± ⊟ ± ⊟ ± ⊟ ± ⊟ ± ⊟ 4 4 4 4 Ɛ 4 4 4 4 4 4 Ɛ 4 4 4 4 4 4 Ɛ 4 4 4 4 4 4 Ɛ 4 4 4 4 4 4 Ɛ 4 4 4 4 4 4 Ɛ 4 4 4 4 4 4 Ɛ 4 4 4 4 4 4 Ɛ 4 4 4 4 4 4 Ɛ 4 4 4 4 4 4
⊟ ± ⊟ ± ⊟ ± ⊟ ± ⊟ ± ⊟ ± ⊟ ± Ɛ 4 4 4 4 4 4 Ɛ 4 4 4 4 4 4 Ɛ 4 4 4 4 4 4 Ɛ 4 4 4 4 4 4 Ɛ 4 4 4 4 4 4 Ɛ 4 4 4 4 4 4 Ɛ 4 4 4 4 4 4 Ɛ 4 4 4 4 4 4 Ɛ 4 4 4 4 4 4 Ɛ 4 4 4
± ⊟ ± ⊟ ± ⊟ ± ⊟ ± ⊟ ± ⊟ ± ⊟ 4 4 4 Ɛ 4 4 4 4 4 4 Ɛ 4 4 4 4 4 4 Ɛ 4 4 4 4 4 4 Ɛ 4 4 4 4 4 4 Ɛ 4 4 4 4 4 4 Ɛ 4 4 4 4 4 4 Ɛ 4 4 4 4 4 4 Ɛ 4 4 4 4 4 4 Ɛ 4 4 4 4 4 4 Ɛ
⊟ ± ⊟ ± ⊟ ± ⊟ ± ⊟ ± ⊟ ± ⊟ ± 4 4 4 4 4 4 Ɛ 4 4 4 4 4 4 Ɛ 4 4 4 4 4 4 Ɛ 4 4 4 4 4 4 Ɛ 4 4 4 4 4 4 Ɛ 4 4 4 4 4 4 Ɛ 4 4 4 4 4 4 Ɛ 4 4 4 4 4 4 Ɛ 4 4 4 4 4 4 Ɛ 4 4 4 4
± ⊟ ± ⊟ ± ⊟ ± ⊟ ± ⊟ ± ⊟ ± ⊟ 4 4 Ɛ 4 4 4 4 4 4 Ɛ 4 4 4 4 4 4 Ɛ 4 4 4 4 4 4 Ɛ 4 4 4 4 4 4 Ɛ 4 4 4 4 4 4 Ɛ 4 4 4 4 4 4 Ɛ 4 4 4 4 4 4 Ɛ 4 4 4 4 4 4 Ɛ 4 4 4 4 4 4 Ɛ 4
⊟ ± ⊟ ± ⊟ ± ⊟ ± ⊟ ± ⊟ ± ⊟ ± 4 4 4 4 4 Ɛ 4 4 4 4 4 4 Ɛ 4 4 4 4 4 4 Ɛ 4 4 4 4 4 4 Ɛ 4 4 4 4 4 4 Ɛ 4 4 4 4 4 4 Ɛ 4 4 4 4 4 4 Ɛ 4 4 4 4 4 4 Ɛ 4 4 4 4 4 4 Ɛ 4 4 4 4 4
± ⊟ ± ⊟ ± ⊟ ± ⊟ ± ⊟ ± ⊟ ± ⊟ 4 Ɛ 4 4 4 4 4 4 Ɛ 4 4 4 4 4 4 Ɛ 4 4 4 4 4 4 Ɛ 4 4 4 4 4 4 Ɛ 4 4 4 4 4 4 Ɛ 4 4 4 4 4 ∩ 4 4 ∩ 4 4 ∩ 4 4 ∩ 4 4 ∩ 4 4 ∩ 4 4 ∩ 4 4 ∩ 4 4 ∩
⊟ ± ⊟ ± ⊟ ± ⊟ ± ⊟ ± ⊟ ± ⊟ ± 4 4 4 4 Ɛ 4 4 4 4 4 4 Ɛ 4 4 4 4 4 4 Ɛ 4 4 4 4 4 4 Ɛ 4 4 4 4 4 4 Ɛ 4 4 4 4 4 4 Ɛ 4 4 4 4 ∩ 4 4 ∩ 4 4 ∩ 4 4 ∩ 4 4 ∩ 4 4 ∩ 4 4 ∩ 4 4 ∩ 4
± ⊟ ± ⊟ ± ⊟ ± ⊟ ± ⊟ ± ⊟ ± ⊟ Ɛ 4 4 4 4 4 4 Ɛ 4 4 4 4 4 4 Ɛ 4 4 4 4 4 4 Ɛ 4 4 4 4 4 4 Ɛ 4 4 4 4 4 4 Ɛ 4 4 4 4 4 4 4 ∩ 4 4 ∩ 4 4 ∩ 4 4 ∩ 4 4 ∩ 4 4 ∩ 4 4 ∩ 4 4 ∩ 4 4
⊟ ± ⊟ ± ⊟ ± ⊟ ± ⊟ ± ⊟ ± ⊟ ± 4 4 4 Ɛ 4 4 4 4 4 4 Ɛ 4 4 4 4 4 4 Ɛ 4 4 4 4 4 4 Ɛ 4 4 4 4 4 4 Ɛ 4 4 4 4 4 4 Ɛ 4 4 4 ∩ 4 4 ∩ 4 4 ∩ 4 4 ∩ 4 4 ∩ 4 4 ∩ 4 4 ∩ 4 4 ∩ 4 4 ∩
± ⊟ ± ⊟ ± ⊟ ± ⊟ ± ⊟ ± ⊟ ± ⊟ 4 4 4 4 4 4 Ɛ 4 4 4 4 4 4 Ɛ 4 4 4 4 4 4 Ɛ 4 4 4 4 4 4 Ɛ 4 4 4 4 4 4 Ɛ 4 4 4 4 4 4 Ɛ 4 4 ∩ 4 4 ∩ 4 4 ∩ 4 4 ∩ 4 4 ∩ 4 4 ∩ 4 4 ∩ 4 4 ∩ 4
⊟ ± ⊟ ± ⊟ ± ⊟ ± ⊟ ± ⊟ ± ⊟ ± 4 4 Ɛ 4 4 4 4 4 4 Ɛ 4 4 4 4 4 4 Ɛ 4 4 4 4 4 4 Ɛ 4 4 4 4 4 4 Ɛ 4 4 4 4 4 4 Ɛ 4 4 4 4 4 ∩ 4 4 ∩ 4 4 ∩ 4 4 ∩ 4 4 ∩ 4 4 ∩ 4 4 ∩ 4 4 ∩ 4 4
± ⊟ ± ⊟ ± ⊟ ± ⊟ ± ⊟ ± ⊟ ± ⊟ 4 4 4 4 4 Ɛ 4 4 4 4 4 4 Ɛ 4 4 4 4 4 4 Ɛ 4 4 4 4 4 4 Ɛ 4 4 4 4 4 4 Ɛ 4 4 4 4 4 4 Ɛ 4 ∩ 4 4 ∩ 4 4 ∩ 4 4 ∩ 4 4 ∩ 4 4 ∩ 4 4 ∩ 4 4 ∩ 4 4 ∩
⊟ ± ⊟ ± ⊟ ± ⊟ ± ⊟ ± ⊟ ± ⊟ ± 4 Ɛ 4 4 4 4 4 4 Ɛ 4 4 4 4 4 4 Ɛ 4 4 4 4 4 4 Ɛ 4 4 4 4 4 4 Ɛ 4 4 4 4 4 4 Ɛ 4 4 4 4 4 4 4 ∩ 4 4 ∩ 4 4 ∩ 4 4 ∩ 4 4 ∩ 4 4 ∩ 4 4 ∩ 4 4 ∩ 4
± ⊟ ± ⊟ ± ⊟ ± ⊟ ± ⊟ ± ⊟ ± ⊟ 4 4 4 4 Ɛ 4 4 4 4 4 4 Ɛ 4 4 4 4 4 4 Ɛ 4 4 4 4 4 4 Ɛ 4 4 4 4 4 4 Ɛ 4 4 4 4 4 4 Ɛ 4 4 4 ∩ 4 4 ∩ 4 4 ∩ 4 4 ∩ 4 4 ∩ 4 4 ∩ 4 4 ∩ 4 4 ∩ 4 4
⊟ ± ⊟ ± ⊟ ± ⊟ ± ⊟ ± ⊟ ± ⊟ ± Ɛ 4 4 4 4 4 4 Ɛ 4 4 4 4 4 4 Ɛ 4 4 4 4 4 4 Ɛ 4 4 4 4 4 4 Ɛ 4 4 4 4 4 4 Ɛ 4 4 4 4 4 4 ∩ 4 4 ∩ 4 4 ∩ 4 4 ∩ 4 4 ∩ 4 4 ∩ 4 4 ∩ 4 4 ∩ 4 4 ∩
± ⊟ ± ⊟ ± ⊟ ± ⊟ ± ⊟ ± ⊟ ± ⊟ 4 4 4 Ɛ 4 4 4 4 4 4 Ɛ 4 4 4 4 4 4 Ɛ 4 4 4 4 4 4 Ɛ 4 4 4 4 4 4 Ɛ 4 4 4 4 4 4 Ɛ 4 4 4 4 4 ∩ 4 4 ∩ 4 4 ∩ 4 4 ∩ 4 4 ∩ 4 4 ∩ 4 4 ∩ 4 4 ∩ 4
⊟ ± ⊟ ± ⊟ ± ⊟ ± ⊟ ± ⊟ ± ⊟ ± 4 4 4 4 4 4 Ɛ 4 4 4 4 4 4 Ɛ 4 4 4 4 4 4 Ɛ 4 4 4 4 4 4 Ɛ 4 4 4 4 4 4 Ɛ 4 4 4 4 4 4 Ɛ 4 ∩ 4 4 ∩ 4 4 ∩ 4 4 ∩ 4 4 ∩ 4 4 ∩ 4 4 ∩ 4 4 ∩ 4 4
± ⊟ ± ⊟ ± ⊟ ± ⊟ ± ⊟ ± ⊟ ± ⊟ 4 4 Ɛ 4 4 4 4 4 4 Ɛ 4 4 4 4 4 4 Ɛ 4 4 4 4 4 4 Ɛ 4 4 4 4 4 4 Ɛ 4 4 4 4 4 4 Ɛ 4 4 4 4 ∩ 4 4 ∩ 4 4 ∩ 4 4 ∩ 4 4 ∩ 4 4 ∩ 4 4 ∩ 4 4 ∩ 4 4 ∩
⊟ ± ⊟ ± ⊟ ± ⊟ ± ⊟ ± ⊟ ± ⊟ ± 4 4 4 4 4 Ɛ 4 4 4 4 4 4 Ɛ 4 4 4 4 4 4 Ɛ 4 4 4 4 4 4 Ɛ 4 4 4 4 4 4 Ɛ 4 4 4 4 4 4 Ɛ 4 4 4 ∩ 4 4 ∩ 4 4 ∩ 4 4 ∩ 4 4 ∩ 4 4 ∩ 4 4 ∩ 4 4 ∩ 4
± ⊟ ± ⊟ ± ⊟ ± ⊟ ± ⊟ ± ⊟ ± ⊟ 4 Ɛ 4 4 4 4 4 4 Ɛ 4 4 4 4 4 4 Ɛ 4 4 4 4 4 4 Ɛ 4 4 4 4 4 4 Ɛ 4 4 4 4 4 4 Ɛ 4 4 4 4 4 4 ∩ 4 4 ∩ 4 4 ∩ 4 4 ∩ 4 4 ∩ 4 4 ∩ 4 4 ∩ 4 4 ∩ 4 4
⊟ ± ⊟ ± ⊟ ± ⊟ ± ⊟ ± ⊟ ± ⊟ ± 4 4 4 4 Ɛ 4 4 4 4 4 4 Ɛ 4 4 4 4 4 4 Ɛ 4 4 4 4 4 4 Ɛ 4 4 4 4 4 4 Ɛ 4 4 4 4 4 4 Ɛ 4 4 ∩ 4 4 ∩ 4 4 ∩ 4 4 ∩ 4 4 ∩ 4 4 ∩ 4 4 ∩ 4 4 ∩ 4 4 ∩
± ⊟ ± ⊟ ± ⊟ ± ⊟ ± ⊟ ± ⊟ ± ⊟ Ɛ 4 4 4 4 4 4 Ɛ 4 4 4 4 4 4 Ɛ 4 4 4 4 4 4 Ɛ 4 4 4 4 4 4 Ɛ 4 4 4 4 4 4 Ɛ 4 4 4 4 4 4 4 4 ∩ 4 4 ∩ 4 4 ∩ 4 4 ∩ 4 4 ∩ 4 4 ∩ 4 4 ∩ 4 4 ∩ 4
⊟ ± ⊟ ± ⊟ ± ⊟ ± ⊟ ± ⊟ ± ⊟ ± 4 4 4 Ɛ 4 4 4 4 4 4 Ɛ 4 4 4 4 4 4 Ɛ 4 4 4 4 4 4 Ɛ 4 4 4 4 4 4 Ɛ 4 4 4 4 4 4 Ɛ 4 4 4 4 ∩ 4 4 ∩ 4 4 ∩ 4 4 ∩ 4 4 ∩ 4 4 ∩ 4 4 ∩ 4 4 ∩ 4 4
± ⊟ ± ⊟ ± ⊟ ± ⊟ ± ⊟ ± ⊟ ± ⊟ 4 4 4 4 4 4 Ɛ 4 4 4 4 4 4 Ɛ 4 4 4 4 4 4 Ɛ 4 4 4 4 4 4 Ɛ 4 4 4 4 4 4 Ɛ 4 4 4 4 4 4 Ɛ ∩ 4 4 ∩ 4 4 ∩ 4 4 ∩ 4 4 ∩ 4 4 ∩ 4 4 ∩ 4 4 ∩ 4 4 ∩
⊟ ± ⊟ ± ⊟ ± ⊟ ± ⊟ ± ⊟ ± ⊟ ± 4 4 Ɛ 4 4 4 4 4 4 Ɛ 4 4 4 4 4 4 Ɛ 4 4 4 4 4 4 Ɛ 4 4 4 4 4 4 Ɛ 4 4 4 4 4 4 Ɛ 4 4 4 4 4 4 ∩ 4 4 ∩ 4 4 ∩ 4 4 ∩ 4 4 ∩ 4 4 ∩ 4 4 ∩ 4 4 ∩ 4
(22)	Art-goblen	(23)
